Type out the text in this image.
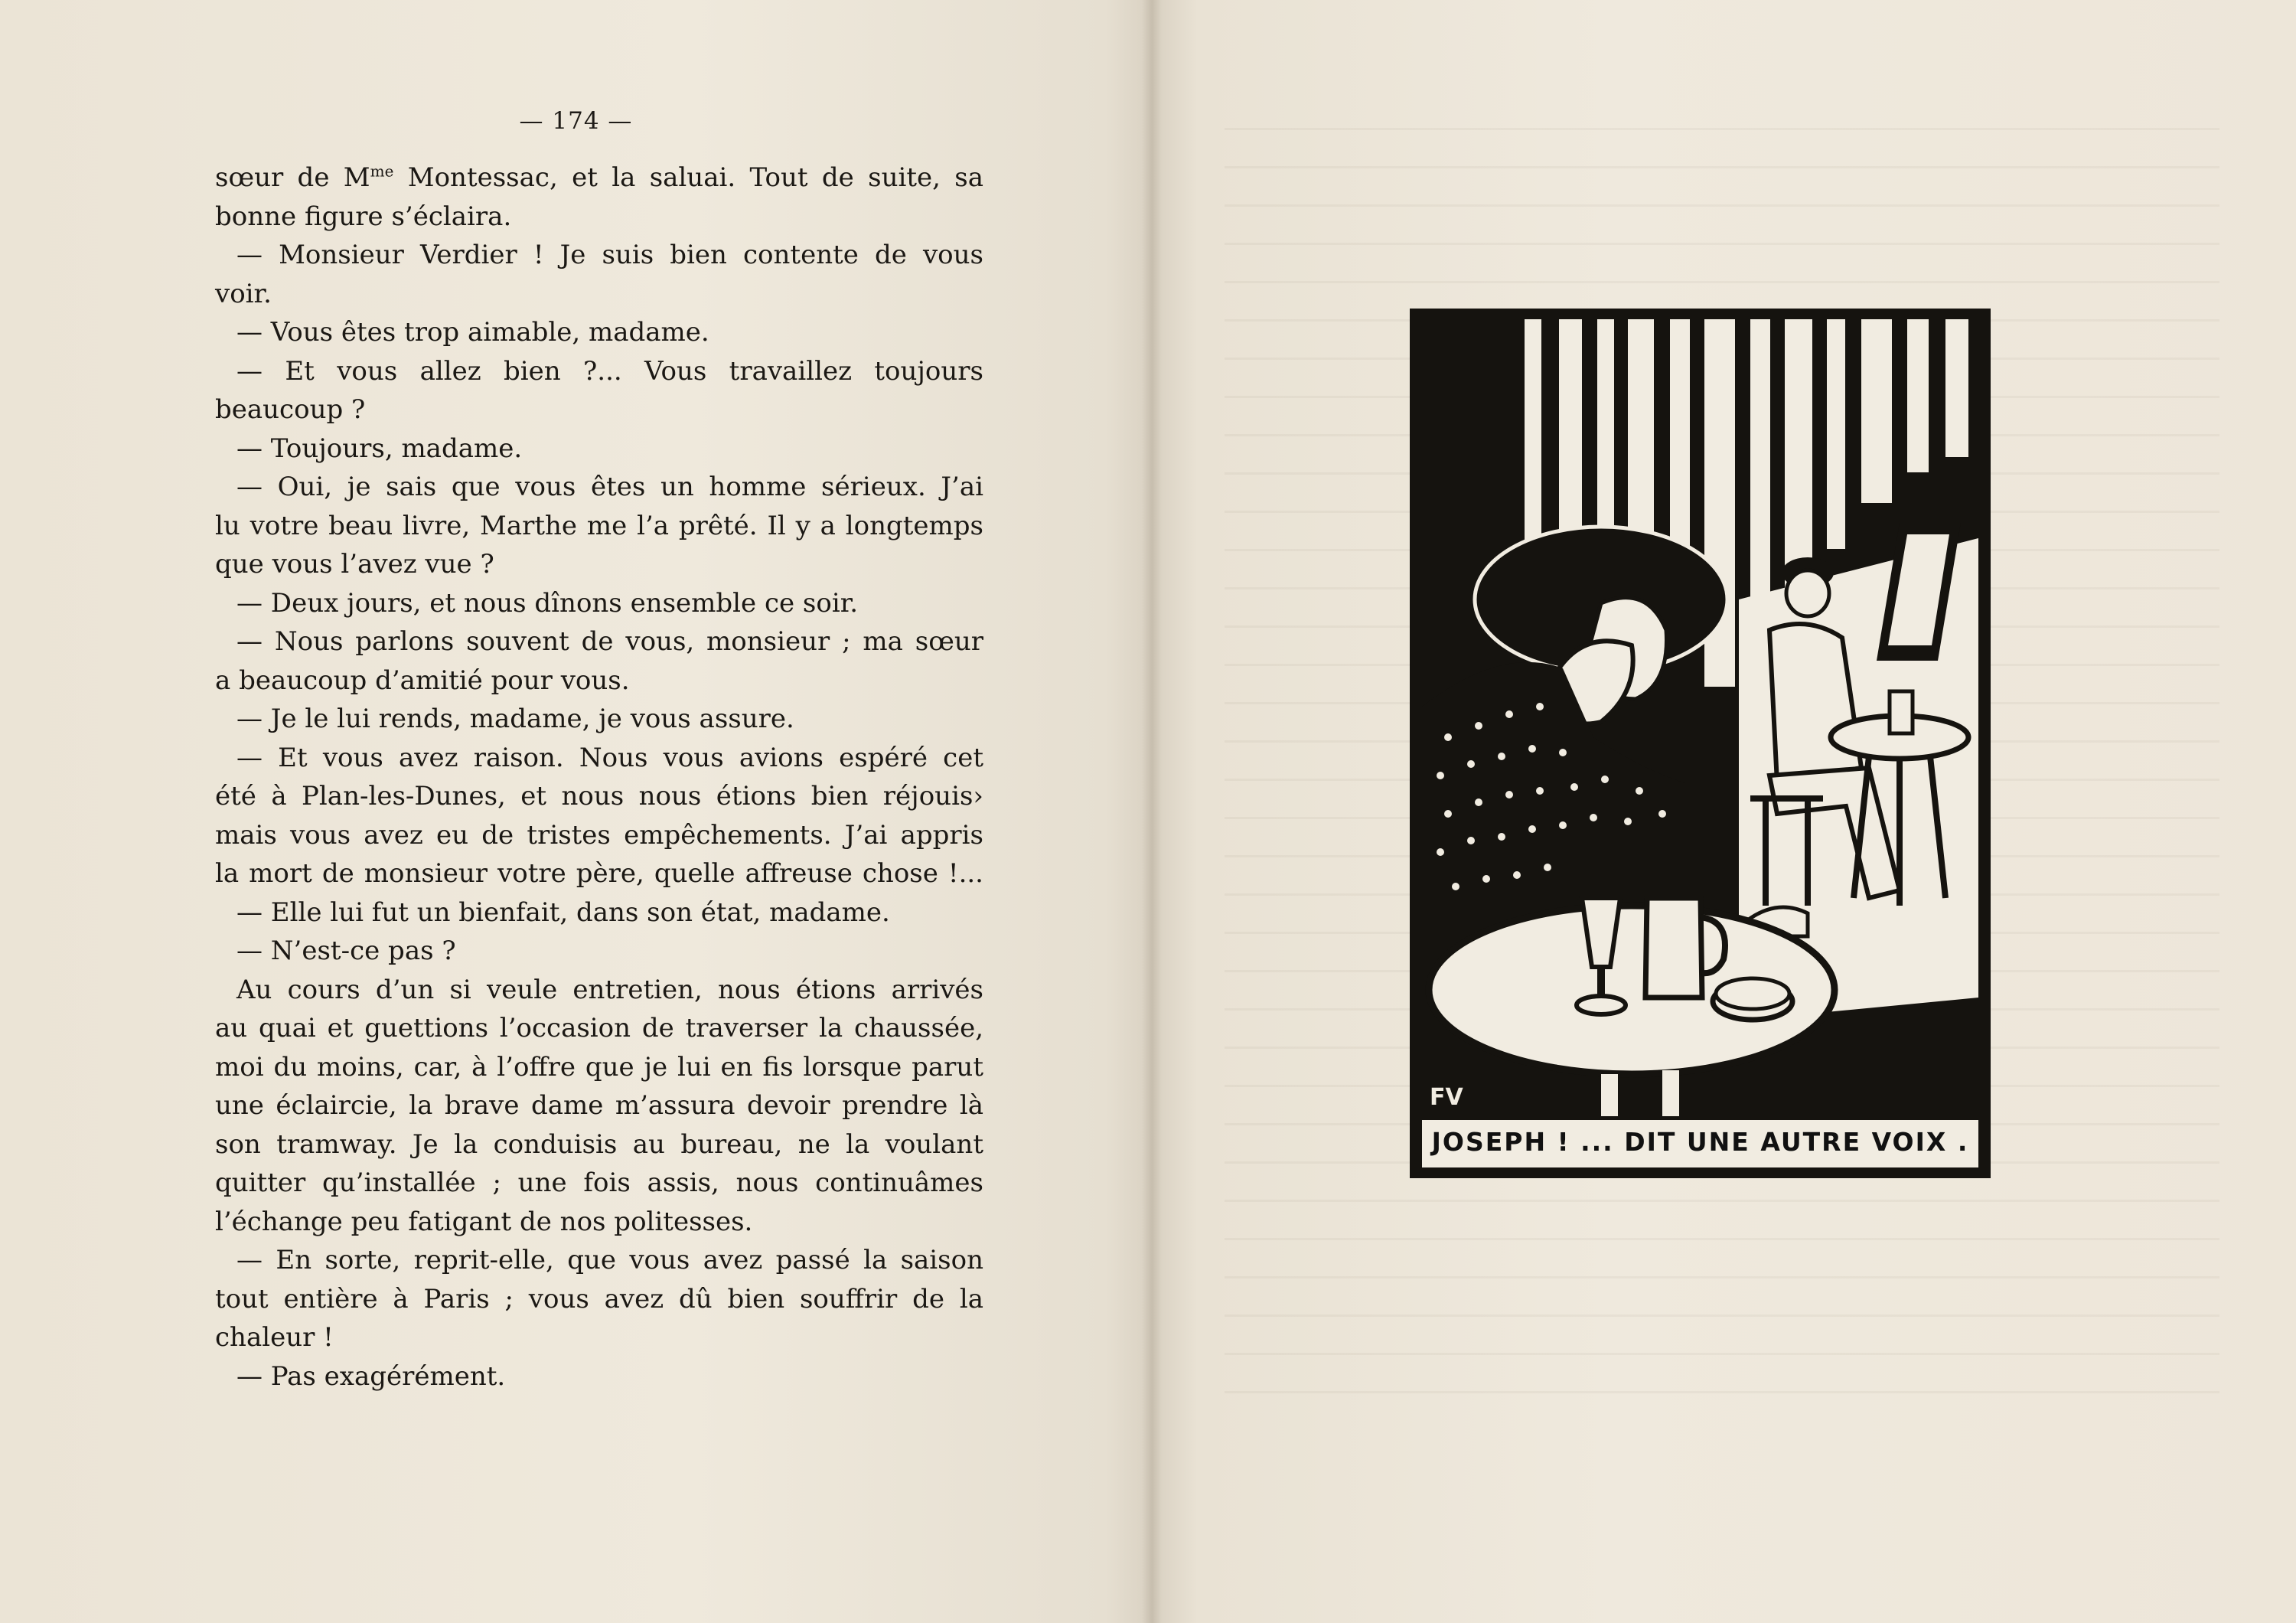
— 174 —
sœur de $M^{me}$ Montessac, et la saluai. Tout de suite, sa
bonne figure s’éclaira.
— Monsieur Verdier ! Je suis bien contente de vous
voir.
— Vous êtes trop aimable, madame.
— Et vous allez bien ?... Vous travaillez toujours
beaucoup ?
— Toujours, madame.
— Oui, je sais que vous êtes un homme sérieux. J’ai
lu votre beau livre, Marthe me l’a prêté. Il y a longtemps
que vous l’avez vue ?
— Deux jours, et nous dînons ensemble ce soir.
— Nous parlons souvent de vous, monsieur ; ma sœur
a beaucoup d’amitié pour vous.
— Je le lui rends, madame, je vous assure.
— Et vous avez raison. Nous vous avions espéré cet
été à Plan-les-Dunes, et nous nous étions bien réjouis›
mais vous avez eu de tristes empêchements. J’ai appris
la mort de monsieur votre père, quelle affreuse chose !...
— Elle lui fut un bienfait, dans son état, madame.
— N’est-ce pas ?
Au cours d’un si veule entretien, nous étions arrivés
au quai et guettions l’occasion de traverser la chaussée,
moi du moins, car, à l’offre que je lui en fis lorsque parut
une éclaircie, la brave dame m’assura devoir prendre là
son tramway. Je la conduisis au bureau, ne la voulant
quitter qu’installée ; une fois assis, nous continuâmes
l’échange peu fatigant de nos politesses.
— En sorte, reprit-elle, que vous avez passé la saison
tout entière à Paris ; vous avez dû bien souffrir de la
chaleur !
— Pas exagérément.
FV
JOSEPH ! ... DIT UNE AUTRE VOIX .
